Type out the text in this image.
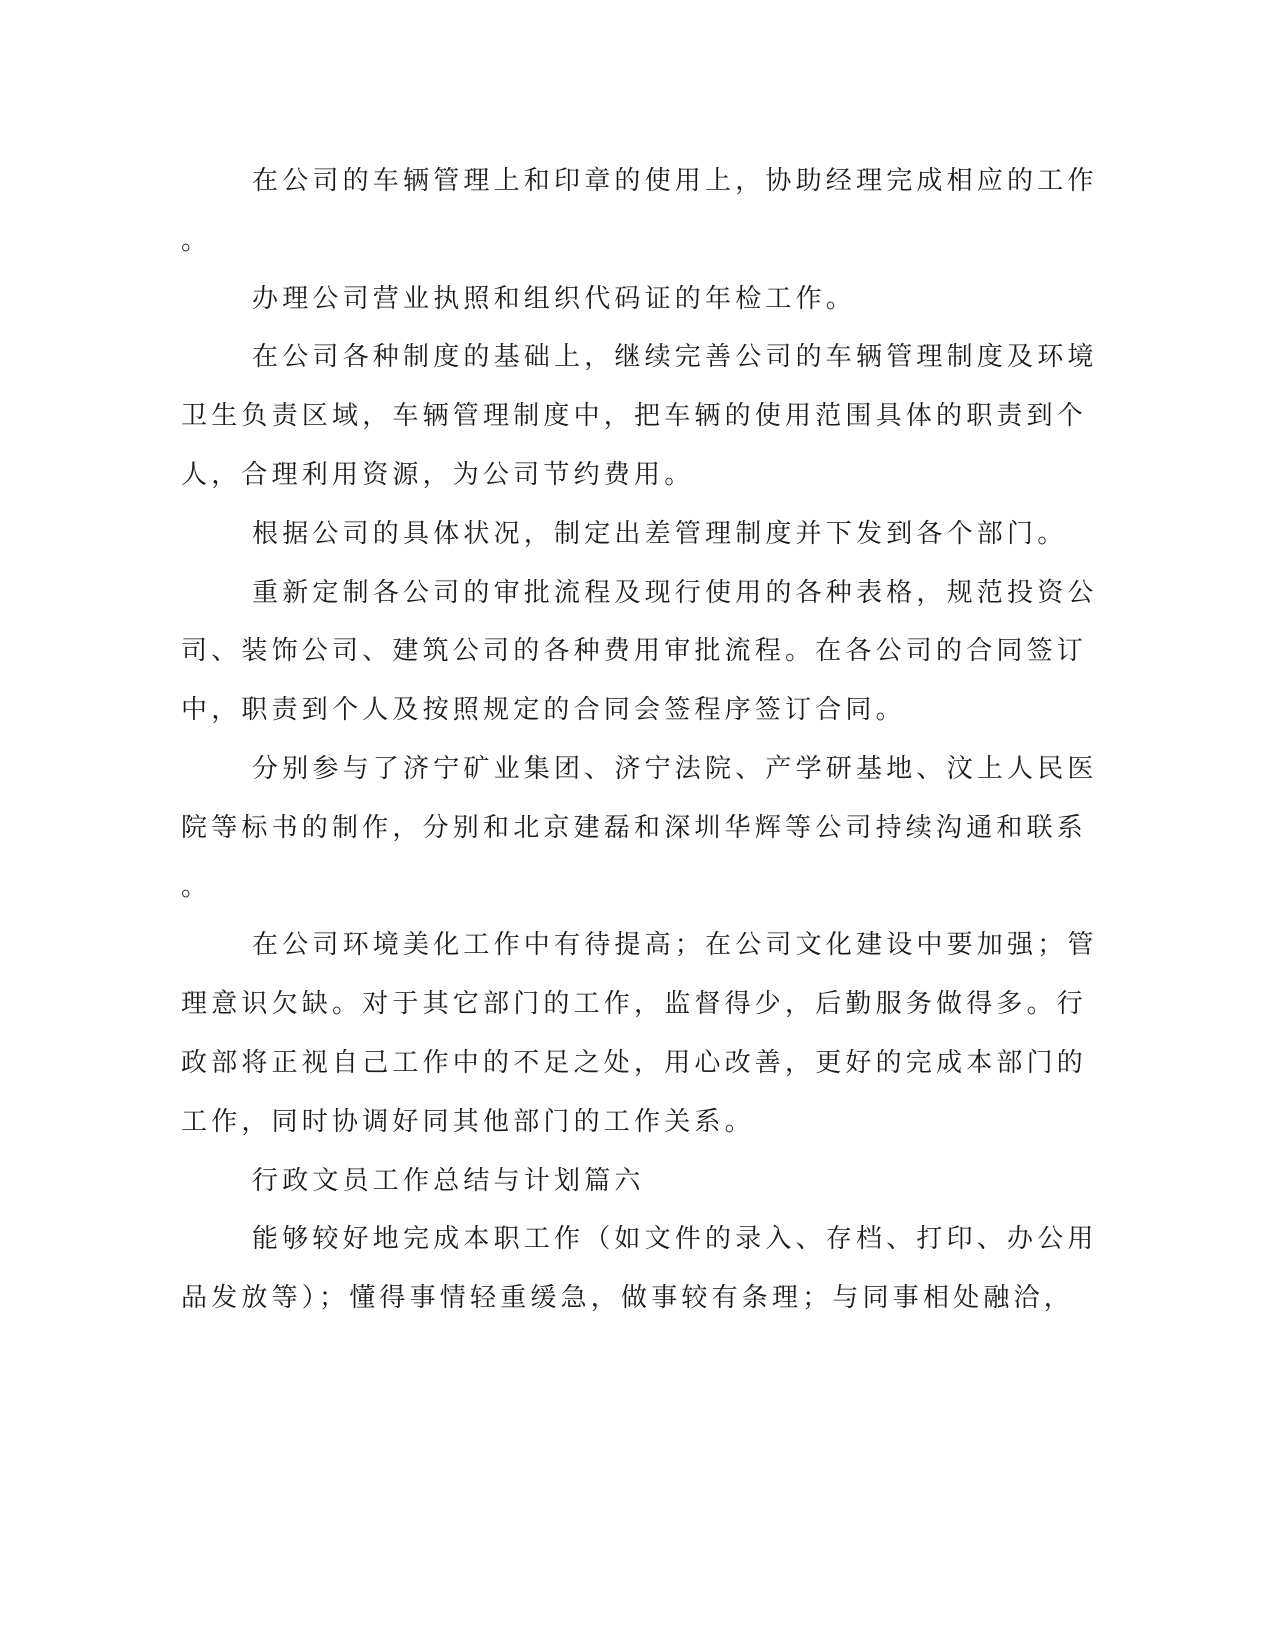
在公司的车辆管理上和印章的使用上，协助经理完成相应的工作
。
办理公司营业执照和组织代码证的年检工作。
在公司各种制度的基础上，继续完善公司的车辆管理制度及环境
卫生负责区域，车辆管理制度中，把车辆的使用范围具体的职责到个
人，合理利用资源，为公司节约费用。
根据公司的具体状况，制定出差管理制度并下发到各个部门。
重新定制各公司的审批流程及现行使用的各种表格，规范投资公
司、装饰公司、建筑公司的各种费用审批流程。在各公司的合同签订
中，职责到个人及按照规定的合同会签程序签订合同。
分别参与了济宁矿业集团、济宁法院、产学研基地、汶上人民医
院等标书的制作，分别和北京建磊和深圳华辉等公司持续沟通和联系
。
在公司环境美化工作中有待提高；在公司文化建设中要加强；管
理意识欠缺。对于其它部门的工作，监督得少，后勤服务做得多。行
政部将正视自己工作中的不足之处，用心改善，更好的完成本部门的
工作，同时协调好同其他部门的工作关系。
行政文员工作总结与计划篇六
能够较好地完成本职工作（如文件的录入、存档、打印、办公用
品发放等）；懂得事情轻重缓急，做事较有条理；与同事相处融洽，
